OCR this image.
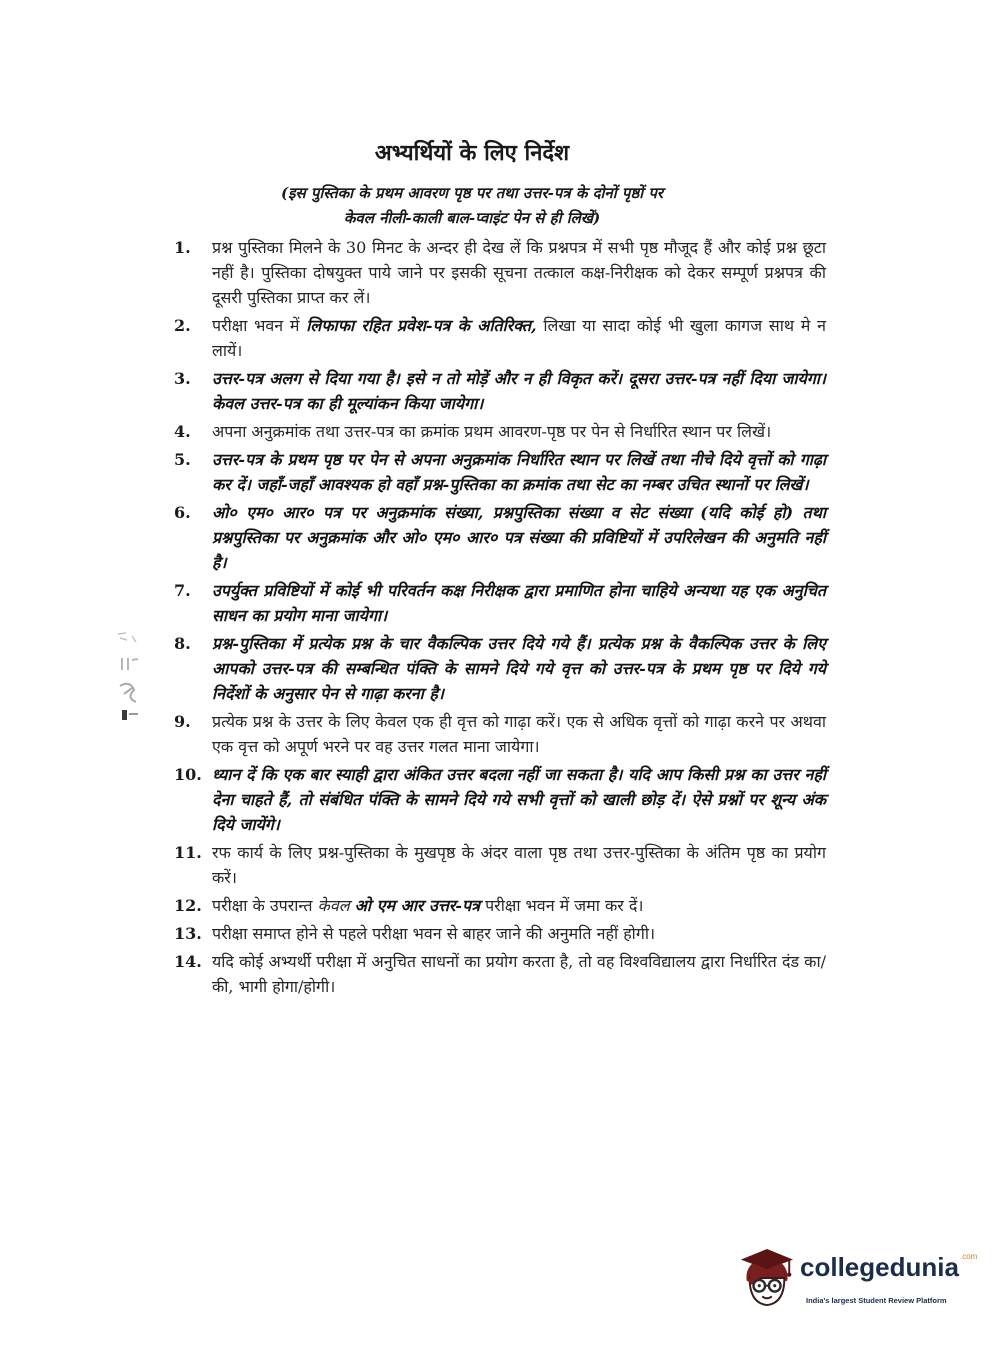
अभ्यर्थियों के लिए निर्देश
(इस पुस्तिका के प्रथम आवरण पृष्ठ पर तथा उत्तर-पत्र के दोनों पृष्ठों पर
केवल नीली-काली बाल-प्वाइंट पेन से ही लिखें)
1.	प्रश्न पुस्तिका मिलने के 30 मिनट के अन्दर ही देख लें कि प्रश्नपत्र में सभी पृष्ठ मौजूद हैं और कोई प्रश्न छूटा नहीं है। पुस्तिका दोषयुक्त पाये जाने पर इसकी सूचना तत्काल कक्ष-निरीक्षक को देकर सम्पूर्ण प्रश्नपत्र की दूसरी पुस्तिका प्राप्त कर लें।
2.	परीक्षा भवन में लिफाफा रहित प्रवेश-पत्र के अतिरिक्त, लिखा या सादा कोई भी खुला कागज साथ मे न लायें।
3.	उत्तर-पत्र अलग से दिया गया है। इसे न तो मोड़ें और न ही विकृत करें। दूसरा उत्तर-पत्र नहीं दिया जायेगा। केवल उत्तर-पत्र का ही मूल्यांकन किया जायेगा।
4.	अपना अनुक्रमांक तथा उत्तर-पत्र का क्रमांक प्रथम आवरण-पृष्ठ पर पेन से निर्धारित स्थान पर लिखें।
5.	उत्तर-पत्र के प्रथम पृष्ठ पर पेन से अपना अनुक्रमांक निर्धारित स्थान पर लिखें तथा नीचे दिये वृत्तों को गाढ़ा कर दें। जहाँ-जहाँ आवश्यक हो वहाँ प्रश्न-पुस्तिका का क्रमांक तथा सेट का नम्बर उचित स्थानों पर लिखें।
6.	ओ० एम० आर० पत्र पर अनुक्रमांक संख्या, प्रश्नपुस्तिका संख्या व सेट संख्या (यदि कोई हो) तथा प्रश्नपुस्तिका पर अनुक्रमांक और ओ० एम० आर० पत्र संख्या की प्रविष्टियों में उपरिलेखन की अनुमति नहीं है।
7.	उपर्युक्त प्रविष्टियों में कोई भी परिवर्तन कक्ष निरीक्षक द्वारा प्रमाणित होना चाहिये अन्यथा यह एक अनुचित साधन का प्रयोग माना जायेगा।
8.	प्रश्न-पुस्तिका में प्रत्येक प्रश्न के चार वैकल्पिक उत्तर दिये गये हैं। प्रत्येक प्रश्न के वैकल्पिक उत्तर के लिए आपको उत्तर-पत्र की सम्बन्धित पंक्ति के सामने दिये गये वृत्त को उत्तर-पत्र के प्रथम पृष्ठ पर दिये गये निर्देशों के अनुसार पेन से गाढ़ा करना है।
9.	प्रत्येक प्रश्न के उत्तर के लिए केवल एक ही वृत्त को गाढ़ा करें। एक से अधिक वृत्तों को गाढ़ा करने पर अथवा एक वृत्त को अपूर्ण भरने पर वह उत्तर गलत माना जायेगा।
10. ध्यान दें कि एक बार स्याही द्वारा अंकित उत्तर बदला नहीं जा सकता है। यदि आप किसी प्रश्न का उत्तर नहीं देना चाहते हैं, तो संबंधित पंक्ति के सामने दिये गये सभी वृत्तों को खाली छोड़ दें। ऐसे प्रश्नों पर शून्य अंक दिये जायेंगे।
11. रफ कार्य के लिए प्रश्न-पुस्तिका के मुखपृष्ठ के अंदर वाला पृष्ठ तथा उत्तर-पुस्तिका के अंतिम पृष्ठ का प्रयोग करें।
12. परीक्षा के उपरान्त केवल ओ एम आर उत्तर-पत्र परीक्षा भवन में जमा कर दें।
13. परीक्षा समाप्त होने से पहले परीक्षा भवन से बाहर जाने की अनुमति नहीं होगी।
14. यदि कोई अभ्यर्थी परीक्षा में अनुचित साधनों का प्रयोग करता है, तो वह विश्वविद्यालय द्वारा निर्धारित दंड का/की, भागी होगा/होगी।
collegedunia .com
India's largest Student Review Platform
